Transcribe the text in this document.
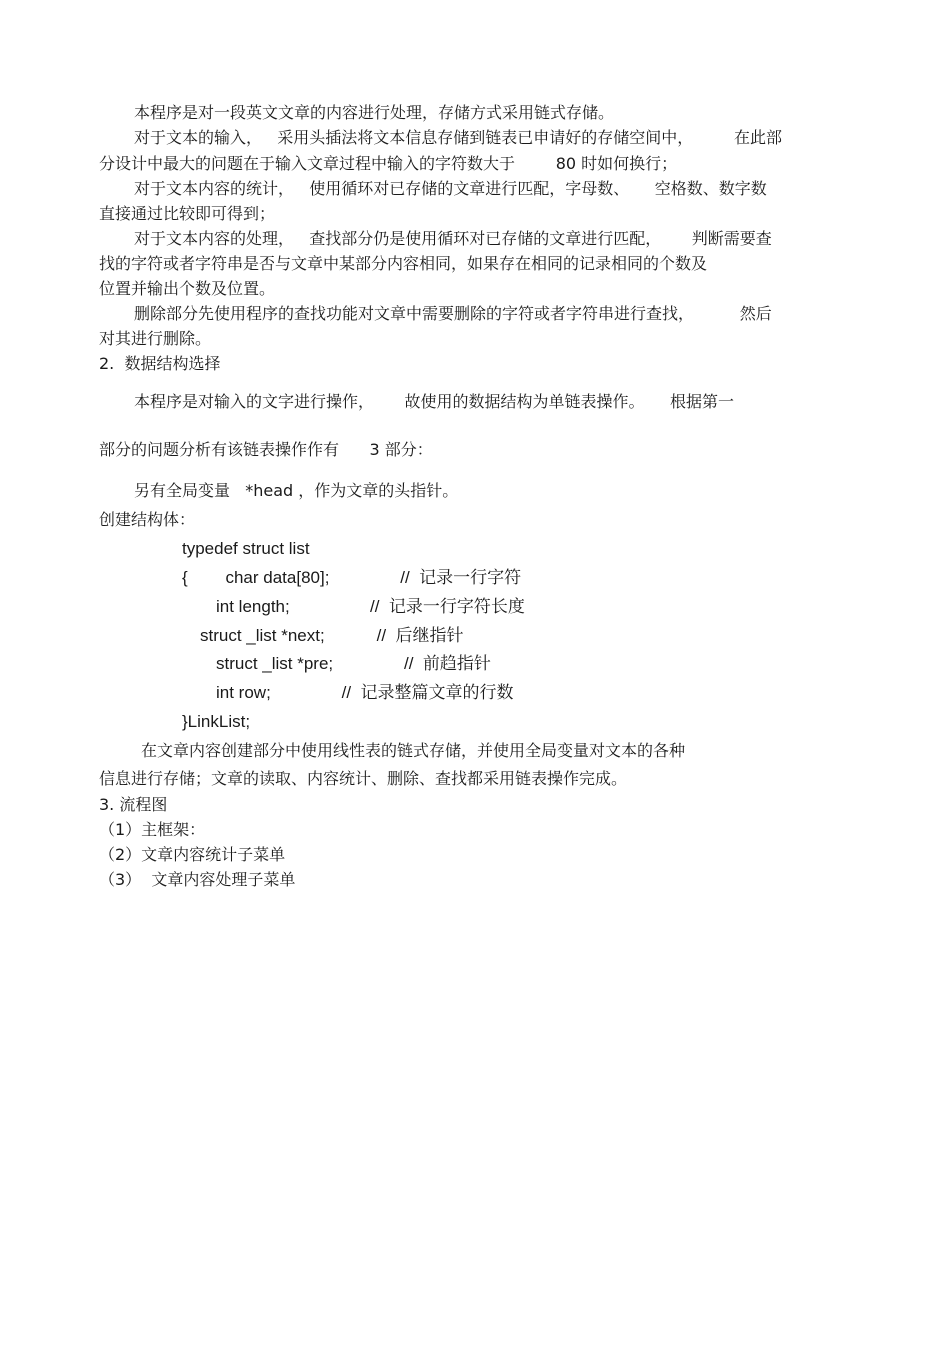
本程序是对一段英文文章的内容进行处理，存储方式采用链式存储。
对于文本的输入，   采用头插法将文本信息存储到链表已申请好的存储空间中，        在此部
分设计中最大的问题在于输入文章过程中输入的字符数大于        80 时如何换行；
对于文本内容的统计，   使用循环对已存储的文章进行匹配，字母数、     空格数、数字数
直接通过比较即可得到；
对于文本内容的处理，   查找部分仍是使用循环对已存储的文章进行匹配，      判断需要查
找的字符或者字符串是否与文章中某部分内容相同，如果存在相同的记录相同的个数及
位置并输出个数及位置。
删除部分先使用程序的查找功能对文章中需要删除的字符或者字符串进行查找，         然后
对其进行删除。
2.  数据结构选择
本程序是对输入的文字进行操作，      故使用的数据结构为单链表操作。     根据第一
部分的问题分析有该链表操作作有      3 部分：
另有全局变量   *head ，作为文章的头指针。
创建结构体：
typedef struct list
{        char data[80];               //  记录一行字符
int length;                 //  记录一行字符长度
struct _list *next;           //  后继指针
struct _list *pre;               //  前趋指针
int row;               //  记录整篇文章的行数
}LinkList;
在文章内容创建部分中使用线性表的链式存储，并使用全局变量对文本的各种
信息进行存储；文章的读取、内容统计、删除、查找都采用链表操作完成。
3. 流程图
（1）主框架：
（2）文章内容统计子菜单
（3）  文章内容处理子菜单
